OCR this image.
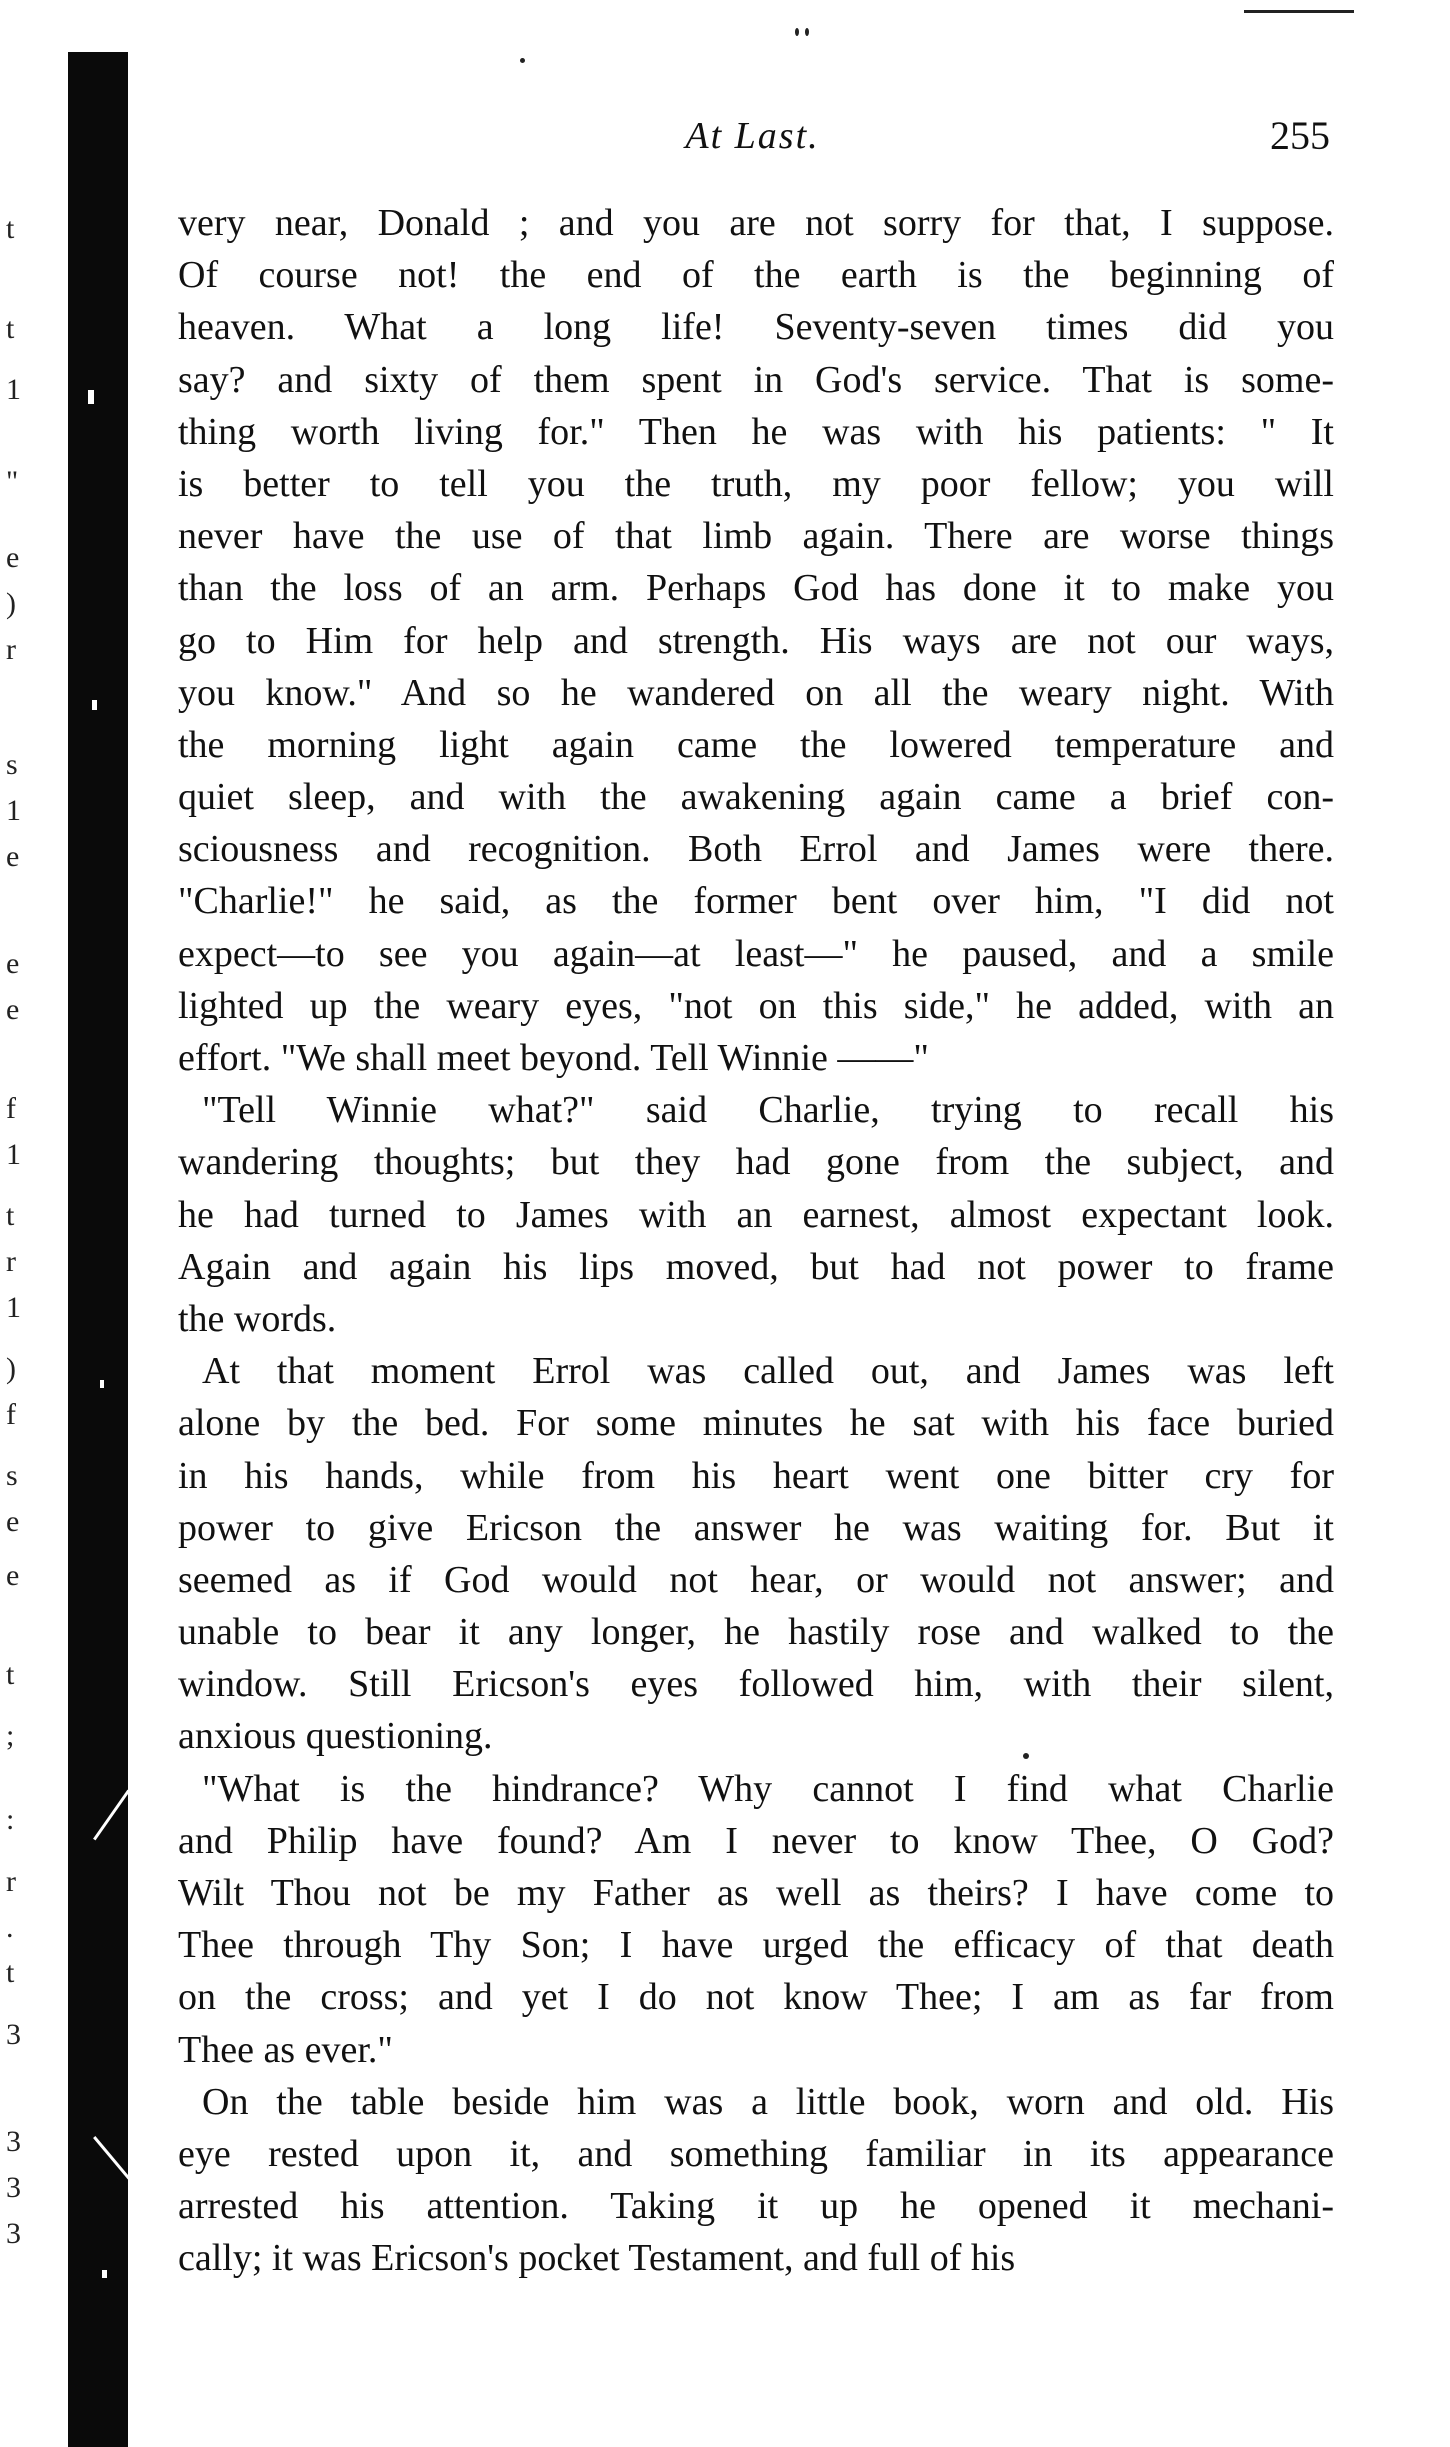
t
t
1
"
e
)
r
s
1
e
e
e
f
1
t
r
1
)
f
s
e
e
t
;
:
r
.
t
3
3
3
3
At Last.	255
very near, Donald ; and you are not sorry for that, I suppose.
Of course not! the end of the earth is the beginning of
heaven. What a long life! Seventy-seven times did you
say? and sixty of them spent in God's service. That is some-
thing worth living for." Then he was with his patients: " It
is better to tell you the truth, my poor fellow; you will
never have the use of that limb again. There are worse things
than the loss of an arm. Perhaps God has done it to make you
go to Him for help and strength. His ways are not our ways,
you know." And so he wandered on all the weary night. With
the morning light again came the lowered temperature and
quiet sleep, and with the awakening again came a brief con-
sciousness and recognition. Both Errol and James were there.
"Charlie!" he said, as the former bent over him, "I did not
expect—to see you again—at least—" he paused, and a smile
lighted up the weary eyes, "not on this side," he added, with an
effort. "We shall meet beyond. Tell Winnie ——"
"Tell Winnie what?" said Charlie, trying to recall his
wandering thoughts; but they had gone from the subject, and
he had turned to James with an earnest, almost expectant look.
Again and again his lips moved, but had not power to frame
the words.
At that moment Errol was called out, and James was left
alone by the bed. For some minutes he sat with his face buried
in his hands, while from his heart went one bitter cry for
power to give Ericson the answer he was waiting for. But it
seemed as if God would not hear, or would not answer; and
unable to bear it any longer, he hastily rose and walked to the
window. Still Ericson's eyes followed him, with their silent,
anxious questioning.
"What is the hindrance? Why cannot I find what Charlie
and Philip have found? Am I never to know Thee, O God?
Wilt Thou not be my Father as well as theirs? I have come to
Thee through Thy Son; I have urged the efficacy of that death
on the cross; and yet I do not know Thee; I am as far from
Thee as ever."
On the table beside him was a little book, worn and old. His
eye rested upon it, and something familiar in its appearance
arrested his attention. Taking it up he opened it mechani-
cally; it was Ericson's pocket Testament, and full of his
